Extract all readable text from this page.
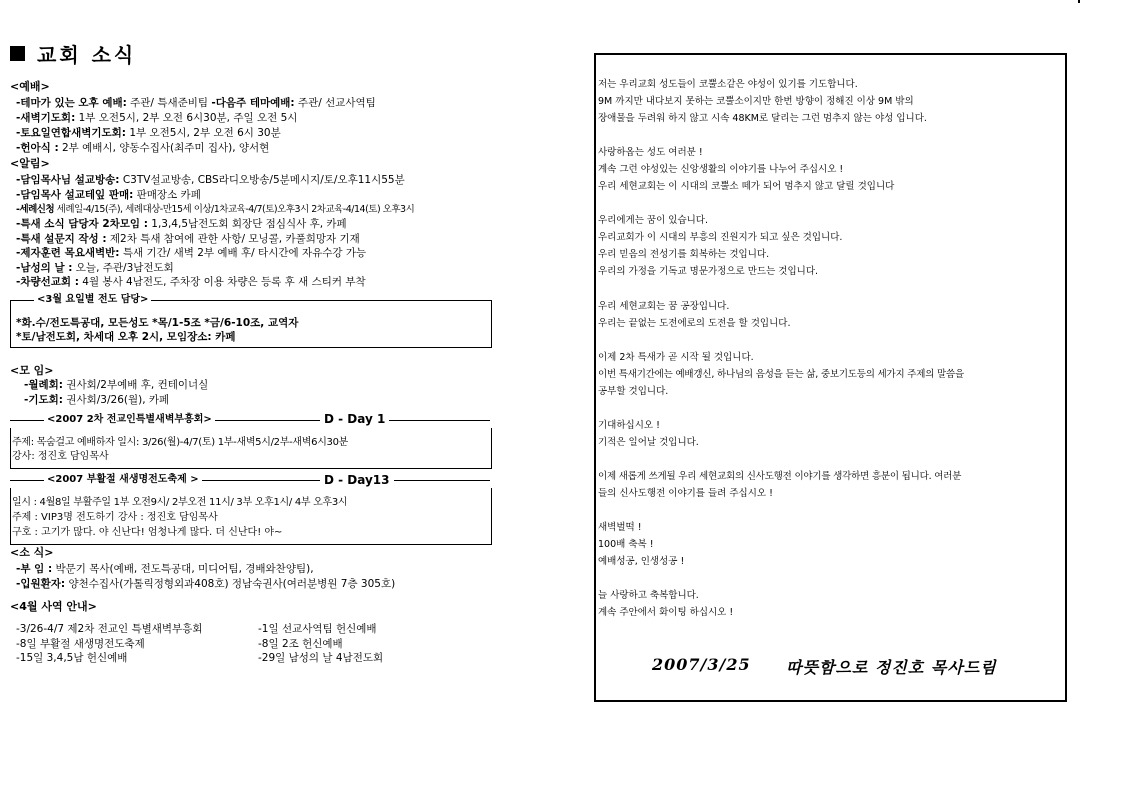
교회 소식
<예배>
-테마가 있는 오후 예배: 주관/ 특새준비팀 -다음주 테마예배: 주관/ 선교사역팀
-새벽기도회: 1부 오전5시, 2부 오전 6시30분, 주일 오전 5시
-토요일연합새벽기도회: 1부 오전5시, 2부 오전 6시 30분
-헌아식 : 2부 예배시, 양동수집사(최주미 집사), 양서현
<알림>
-담임목사님 설교방송: C3TV설교방송, CBS라디오방송/5분메시지/토/오후11시55분
-담임목사 설교테잎 판매: 판매장소 카페
-세례신청 세례일-4/15(주), 세례대상-만15세 이상/1차교육-4/7(토)오후3시 2차교육-4/14(토) 오후3시
-특새 소식 담당자 2차모임 : 1,3,4,5남전도회 회장단 점심식사 후, 카페
-특새 설문지 작성 : 제2차 특새 참여에 관한 사항/ 모닝콜, 카풀희망자 기재
-제자훈련 목요새벽반: 특새 기간/ 새벽 2부 예배 후/ 타시간에 자유수강 가능
-남성의 날 : 오늘, 주관/3남전도회
-차량선교회 : 4월 봉사 4남전도, 주차장 이용 차량은 등록 후 새 스티커 부착
<3월 요일별 전도 담당>
*화.수/전도특공대, 모든성도 *목/1-5조 *금/6-10조, 교역자
*토/남전도회, 차세대 오후 2시, 모임장소: 카페
<모 임>
-월례회: 권사회/2부예배 후, 컨테이너실
-기도회: 권사회/3/26(월), 카페
<2007 2차 전교인특별새벽부흥회>	D - Day 1
주제: 목숨걸고 예배하자 일시: 3/26(월)-4/7(토) 1부-새벽5시/2부-새벽6시30분
강사: 정진호 담임목사
<2007 부활절 새생명전도축제 >	D - Day13
일시 : 4월8일 부활주일 1부 오전9시/ 2부오전 11시/ 3부 오후1시/ 4부 오후3시
주제 : VIP3명 전도하기 강사 : 정진호 담임목사
구호 : 고기가 많다. 야 신난다! 엄청나게 많다. 더 신난다! 야~
<소 식>
-부 임 : 박문기 목사(예배, 전도특공대, 미디어팀, 경배와찬양팀),
-입원환자: 양천수집사(가톨릭정형외과408호) 정남숙권사(여러분병원 7층 305호)
<4월 사역 안내>
-3/26-4/7 제2차 전교인 특별새벽부흥회
-8일 부활절 새생명전도축제
-15일 3,4,5남 헌신예배
-1일 선교사역팀 헌신예배
-8일 2조 헌신예배
-29일 남성의 날 4남전도회
저는 우리교회 성도들이 코뿔소같은 야성이 있기를 기도합니다.
9M 까지만 내다보지 못하는 코뿔소이지만 한번 방향이 정해진 이상 9M 밖의
장애물을 두려워 하지 않고 시속 48KM로 달리는 그런 멈추지 않는 야성 입니다.
사랑하옵는 성도 여러분 !
계속 그런 야성있는 신앙생활의 이야기를 나누어 주십시오 !
우리 세현교회는 이 시대의 코뿔소 떼가 되어 멈추지 않고 달릴 것입니다
우리에게는 꿈이 있습니다.
우리교회가 이 시대의 부흥의 진원지가 되고 싶은 것입니다.
우리 믿음의 전성기를 회복하는 것입니다.
우리의 가정을 기독교 명문가정으로 만드는 것입니다.
우리 세현교회는 꿈 공장입니다.
우리는 끝없는 도전에로의 도전을 할 것입니다.
이제 2차 특새가 곧 시작 될 것입니다.
이번 특새기간에는 예배갱신, 하나님의 음성을 듣는 삶, 중보기도등의 세가지 주제의 말씀을
공부할 것입니다.
기대하십시오 !
기적은 일어날 것입니다.
이제 새롭게 쓰게될 우리 세현교회의 신사도행전 이야기를 생각하면 흥분이 됩니다. 여러분
들의 신사도행전 이야기를 들려 주십시오 !
새벽벌떡 !
100배 축복 !
예배성공, 인생성공 !
늘 사랑하고 축복합니다.
계속 주안에서 화이팅 하십시오 !
2007/3/25 따뜻함으로 정진호 목사드림
